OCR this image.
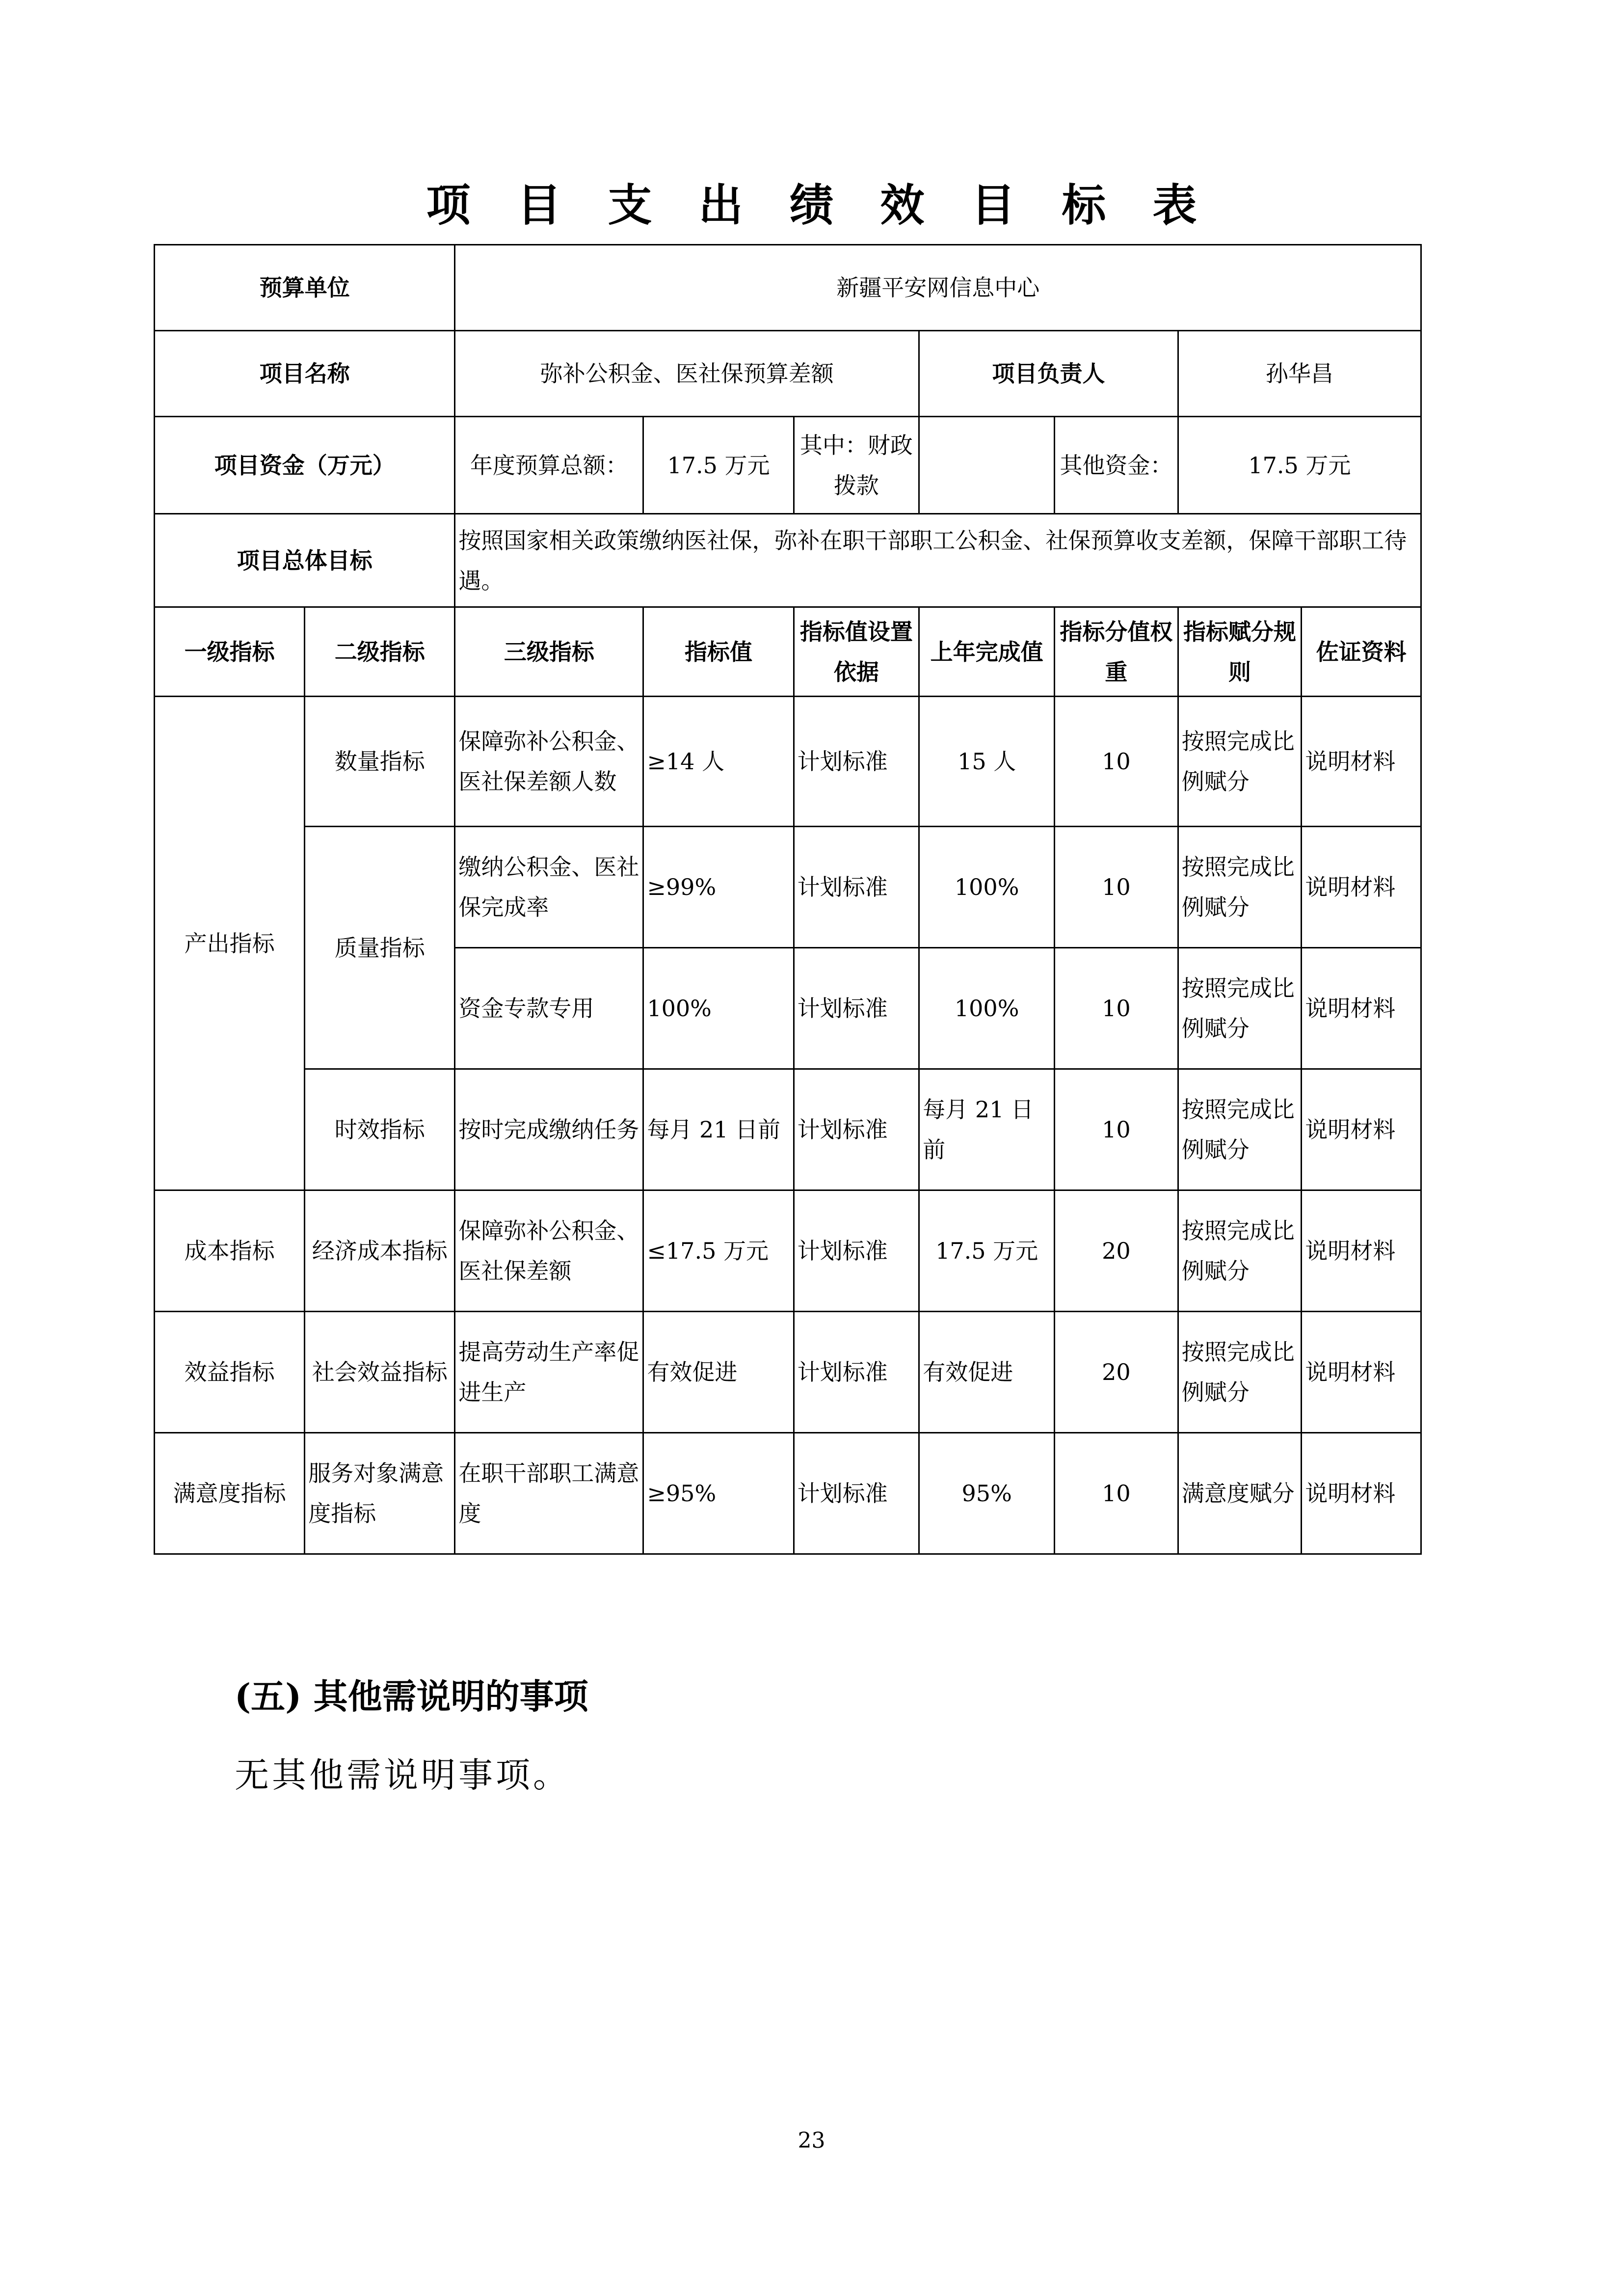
项目支出绩效目标表
预算单位		新疆平安网信息中心						
项目名称		弥补公积金、医社保预算差额			项目负责人		孙华昌	
项目资金（万元）		年度预算总额：	17.5 万元	其中：财政拨款		其他资金：	17.5 万元	
项目总体目标		按照国家相关政策缴纳医社保，弥补在职干部职工公积金、社保预算收支差额，保障干部职工待遇。						
一级指标	二级指标	三级指标	指标值	指标值设置依据	上年完成值	指标分值权重	指标赋分规则	佐证资料
产出指标	数量指标	保障弥补公积金、医社保差额人数	≥14 人	计划标准	15 人	10	按照完成比例赋分	说明材料
	质量指标	缴纳公积金、医社保完成率	≥99%	计划标准	100%	10	按照完成比例赋分	说明材料
		资金专款专用	100%	计划标准	100%	10	按照完成比例赋分	说明材料
	时效指标	按时完成缴纳任务	每月 21 日前	计划标准	每月 21 日前	10	按照完成比例赋分	说明材料
成本指标	经济成本指标	保障弥补公积金、医社保差额	≤17.5 万元	计划标准	17.5 万元	20	按照完成比例赋分	说明材料
效益指标	社会效益指标	提高劳动生产率促进生产	有效促进	计划标准	有效促进	20	按照完成比例赋分	说明材料
满意度指标	服务对象满意度指标	在职干部职工满意度	≥95%	计划标准	95%	10	满意度赋分	说明材料
(五) 其他需说明的事项
无其他需说明事项。
23
